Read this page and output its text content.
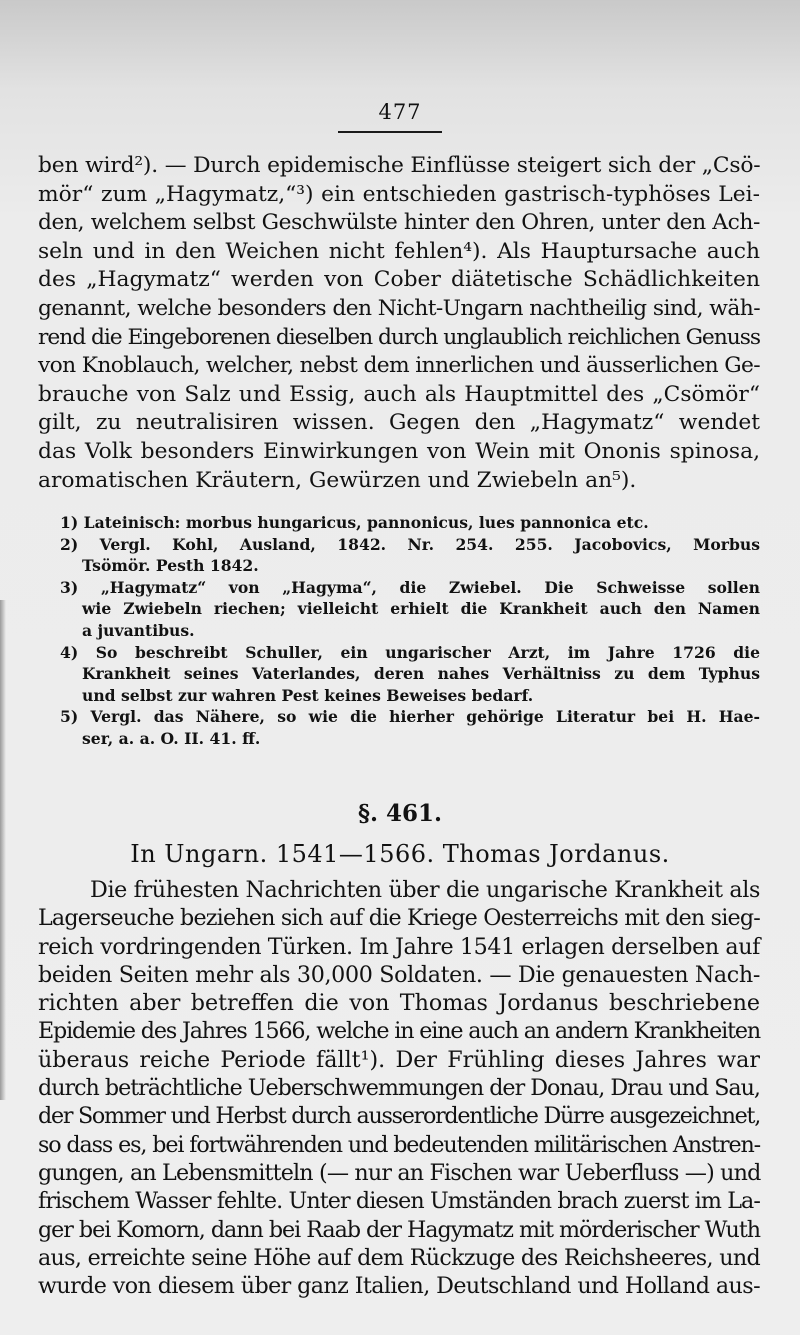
477
ben wird²). — Durch epidemische Einflüsse steigert sich der „Csö-
mör“ zum „Hagymatz,“³) ein entschieden gastrisch-typhöses Lei-
den, welchem selbst Geschwülste hinter den Ohren, unter den Ach-
seln und in den Weichen nicht fehlen⁴). Als Hauptursache auch
des „Hagymatz“ werden von Cober diätetische Schädlichkeiten
genannt, welche besonders den Nicht-Ungarn nachtheilig sind, wäh-
rend die Eingeborenen dieselben durch unglaublich reichlichen Genuss
von Knoblauch, welcher, nebst dem innerlichen und äusserlichen Ge-
brauche von Salz und Essig, auch als Hauptmittel des „Csömör“
gilt, zu neutralisiren wissen. Gegen den „Hagymatz“ wendet
das Volk besonders Einwirkungen von Wein mit Ononis spinosa,
aromatischen Kräutern, Gewürzen und Zwiebeln an⁵).
1) Lateinisch: morbus hungaricus, pannonicus, lues pannonica etc.
2) Vergl. Kohl, Ausland, 1842. Nr. 254. 255. Jacobovics, Morbus
Tsömör. Pesth 1842.
3) „Hagymatz“ von „Hagyma“, die Zwiebel. Die Schweisse sollen
wie Zwiebeln riechen; vielleicht erhielt die Krankheit auch den Namen
a juvantibus.
4) So beschreibt Schuller, ein ungarischer Arzt, im Jahre 1726 die
Krankheit seines Vaterlandes, deren nahes Verhältniss zu dem Typhus
und selbst zur wahren Pest keines Beweises bedarf.
5) Vergl. das Nähere, so wie die hierher gehörige Literatur bei H. Hae-
ser, a. a. O. II. 41. ff.
§. 461.
In Ungarn. 1541—1566. Thomas Jordanus.
Die frühesten Nachrichten über die ungarische Krankheit als
Lagerseuche beziehen sich auf die Kriege Oesterreichs mit den sieg-
reich vordringenden Türken. Im Jahre 1541 erlagen derselben auf
beiden Seiten mehr als 30,000 Soldaten. — Die genauesten Nach-
richten aber betreffen die von Thomas Jordanus beschriebene
Epidemie des Jahres 1566, welche in eine auch an andern Krankheiten
überaus reiche Periode fällt¹). Der Frühling dieses Jahres war
durch beträchtliche Ueberschwemmungen der Donau, Drau und Sau,
der Sommer und Herbst durch ausserordentliche Dürre ausgezeichnet,
so dass es, bei fortwährenden und bedeutenden militärischen Anstren-
gungen, an Lebensmitteln (— nur an Fischen war Ueberfluss —) und
frischem Wasser fehlte. Unter diesen Umständen brach zuerst im La-
ger bei Komorn, dann bei Raab der Hagymatz mit mörderischer Wuth
aus, erreichte seine Höhe auf dem Rückzuge des Reichsheeres, und
wurde von diesem über ganz Italien, Deutschland und Holland aus-
